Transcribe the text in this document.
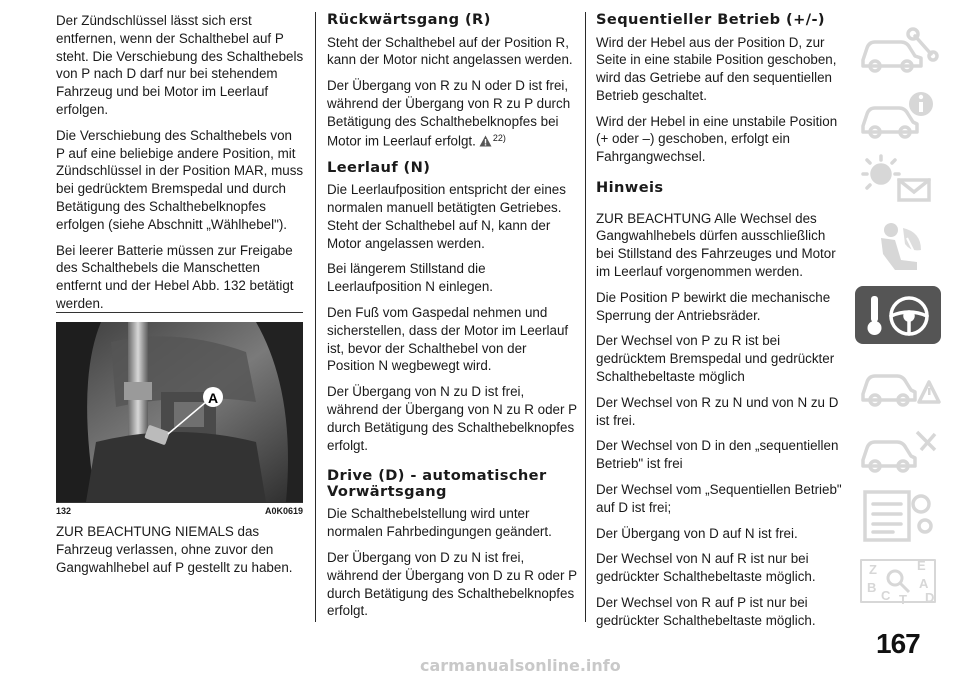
Der Zündschlüssel lässt sich erst entfernen, wenn der Schalthebel auf P steht. Die Verschiebung des Schalthebels von P nach D darf nur bei stehendem Fahrzeug und bei Motor im Leerlauf erfolgen.

Die Verschiebung des Schalthebels von P auf eine beliebige andere Position, mit Zündschlüssel in der Position MAR, muss bei gedrücktem Bremspedal und durch Betätigung des Schalthebelknopfes erfolgen (siehe Abschnitt „Wählhebel").

Bei leerer Batterie müssen zur Freigabe des Schalthebels die Manschetten entfernt und der Hebel Abb. 132 betätigt werden.

A
132	A0K0619
ZUR BEACHTUNG NIEMALS das Fahrzeug verlassen, ohne zuvor den Gangwahlhebel auf P gestellt zu haben.
Rückwärtsgang (R)

Steht der Schalthebel auf der Position R, kann der Motor nicht angelassen werden.

Der Übergang von R zu N oder D ist frei, während der Übergang von R zu P durch Betätigung des Schalthebelknopfes bei Motor im Leerlauf erfolgt. $^{22)}$

Leerlauf (N)

Die Leerlaufposition entspricht der eines normalen manuell betätigten Getriebes. Steht der Schalthebel auf N, kann der Motor angelassen werden.

Bei längerem Stillstand die Leerlaufposition N einlegen.

Den Fuß vom Gaspedal nehmen und sicherstellen, dass der Motor im Leerlauf ist, bevor der Schalthebel von der Position N wegbewegt wird.

Der Übergang von N zu D ist frei, während der Übergang von N zu R oder P durch Betätigung des Schalthebelknopfes erfolgt.

Drive (D) - automatischer Vorwärtsgang

Die Schalthebelstellung wird unter normalen Fahrbedingungen geändert.

Der Übergang von D zu N ist frei, während der Übergang von D zu R oder P durch Betätigung des Schalthebelknopfes erfolgt.

Sequentieller Betrieb (+/-)

Wird der Hebel aus der Position D, zur Seite in eine stabile Position geschoben, wird das Getriebe auf den sequentiellen Betrieb geschaltet.

Wird der Hebel in eine unstabile Position (+ oder –) geschoben, erfolgt ein Fahrgangwechsel.

Hinweis

ZUR BEACHTUNG Alle Wechsel des Gangwahlhebels dürfen ausschließlich bei Stillstand des Fahrzeuges und Motor im Leerlauf vorgenommen werden.

Die Position P bewirkt die mechanische Sperrung der Antriebsräder.

Der Wechsel von P zu R ist bei gedrücktem Bremspedal und gedrückter Schalthebeltaste möglich

Der Wechsel von R zu N und von N zu D ist frei.

Der Wechsel von D in den „sequentiellen Betrieb" ist frei

Der Wechsel vom „Sequentiellen Betrieb" auf D ist frei;

Der Übergang von D auf N ist frei.

Der Wechsel von N auf R ist nur bei gedrückter Schalthebeltaste möglich.

Der Wechsel von R auf P ist nur bei gedrückter Schalthebeltaste möglich.

E
Z
A
B
C T D
167
carmanualsonline.info
